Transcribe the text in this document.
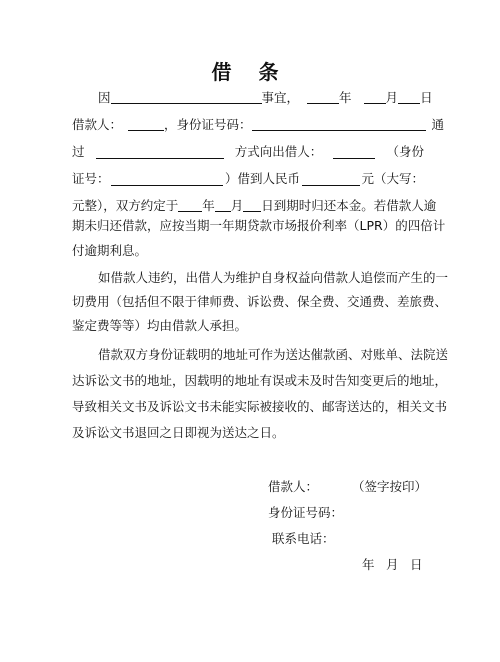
借 条
因	事宜，	年	月 日
借款人：	，身份证号码：	通
过	方式向出借人：	（身份
证号：	）借到人民币	元（大写：
元整），双方约定于 年 月 日到期时归还本金。若借款人逾
期未归还借款，应按当期一年期贷款市场报价利率（LPR）的四倍计
付逾期利息。
如借款人违约，出借人为维护自身权益向借款人追偿而产生的一
切费用（包括但不限于律师费、诉讼费、保全费、交通费、差旅费、
鉴定费等等）均由借款人承担。
借款双方身份证载明的地址可作为送达催款函、对账单、法院送
达诉讼文书的地址，因载明的地址有误或未及时告知变更后的地址，
导致相关文书及诉讼文书未能实际被接收的、邮寄送达的，相关文书
及诉讼文书退回之日即视为送达之日。
借款人：	（签字按印）
身份证号码：
联系电话：
年 月 日
